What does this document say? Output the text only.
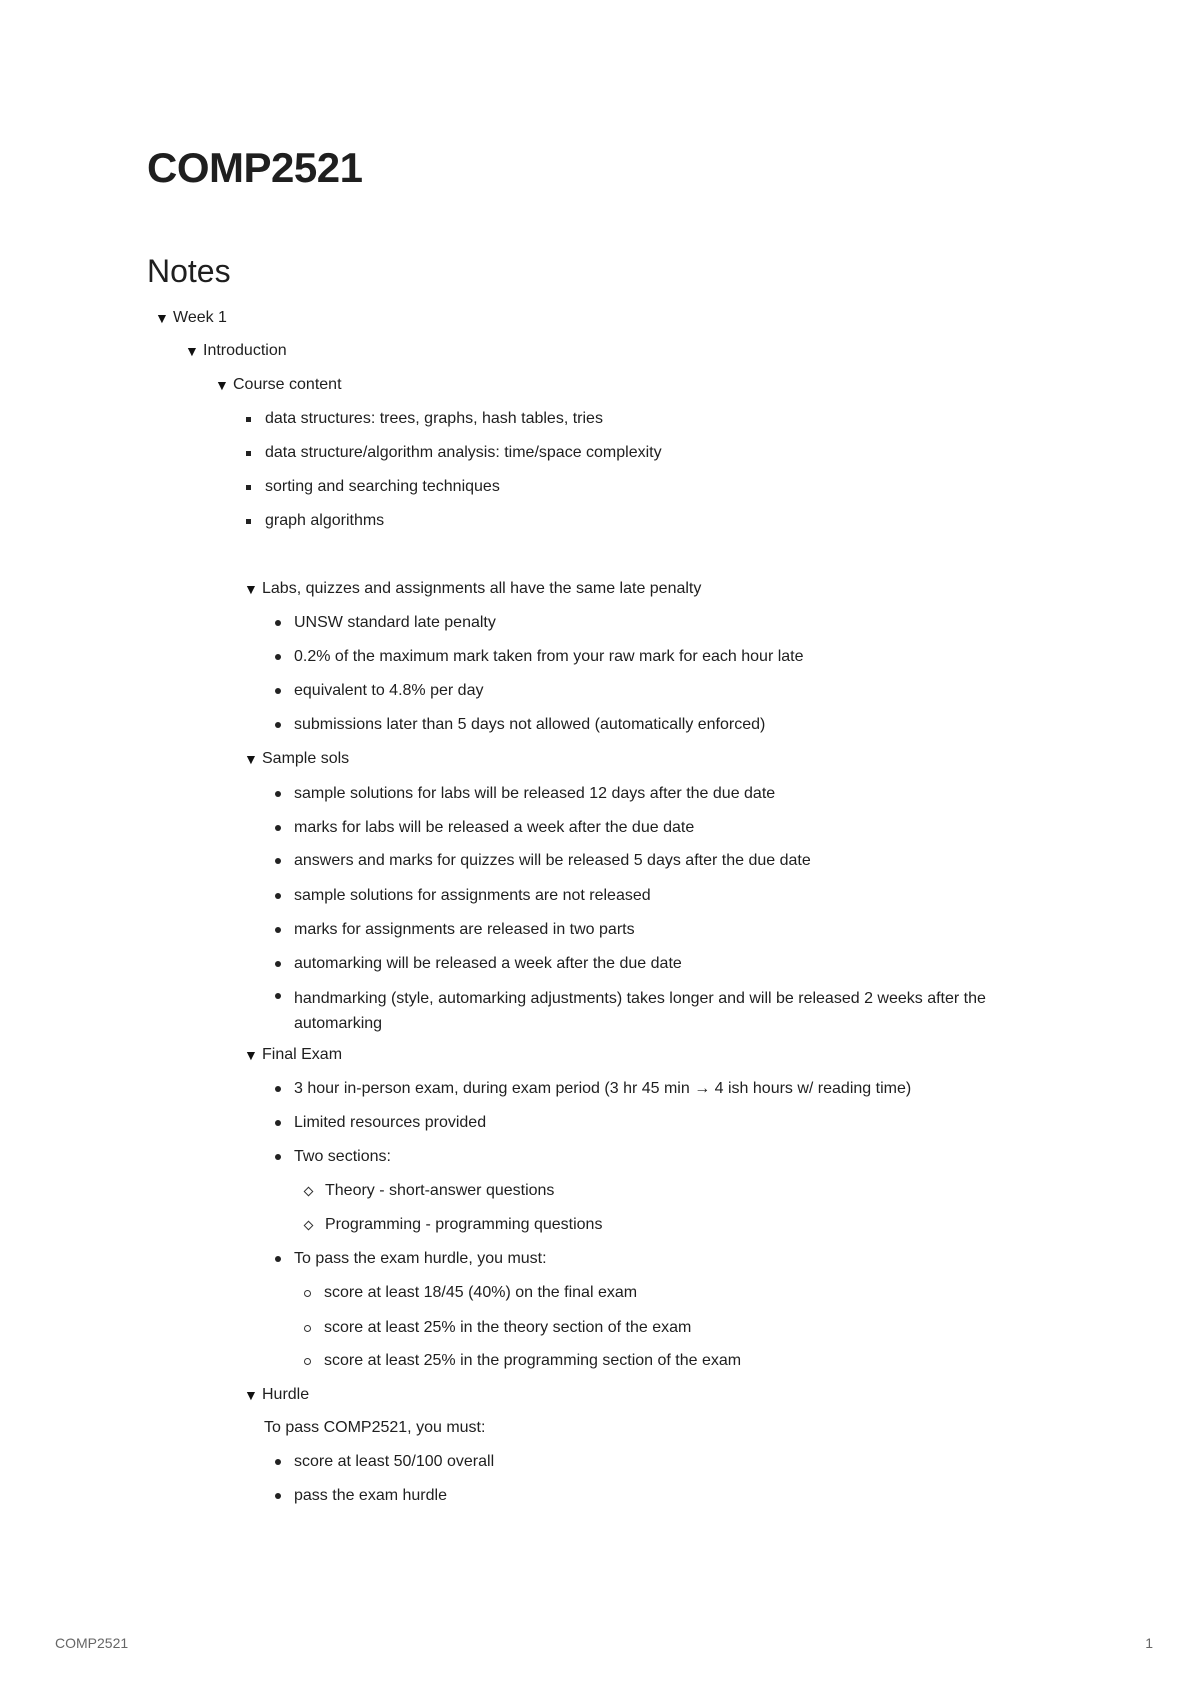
COMP2521
Notes
▼ Week 1
▼ Introduction
▼ Course content
data structures: trees, graphs, hash tables, tries
data structure/algorithm analysis: time/space complexity
sorting and searching techniques
graph algorithms
▼ Labs, quizzes and assignments all have the same late penalty
UNSW standard late penalty
0.2% of the maximum mark taken from your raw mark for each hour late
equivalent to 4.8% per day
submissions later than 5 days not allowed (automatically enforced)
▼ Sample sols
sample solutions for labs will be released 12 days after the due date
marks for labs will be released a week after the due date
answers and marks for quizzes will be released 5 days after the due date
sample solutions for assignments are not released
marks for assignments are released in two parts
automarking will be released a week after the due date
handmarking (style, automarking adjustments) takes longer and will be released 2 weeks after the automarking
▼ Final Exam
3 hour in-person exam, during exam period (3 hr 45 min → 4 ish hours w/ reading time)
Limited resources provided
Two sections:
Theory - short-answer questions
Programming - programming questions
To pass the exam hurdle, you must:
score at least 18/45 (40%) on the final exam
score at least 25% in the theory section of the exam
score at least 25% in the programming section of the exam
▼ Hurdle
To pass COMP2521, you must:
score at least 50/100 overall
pass the exam hurdle
COMP2521	1
